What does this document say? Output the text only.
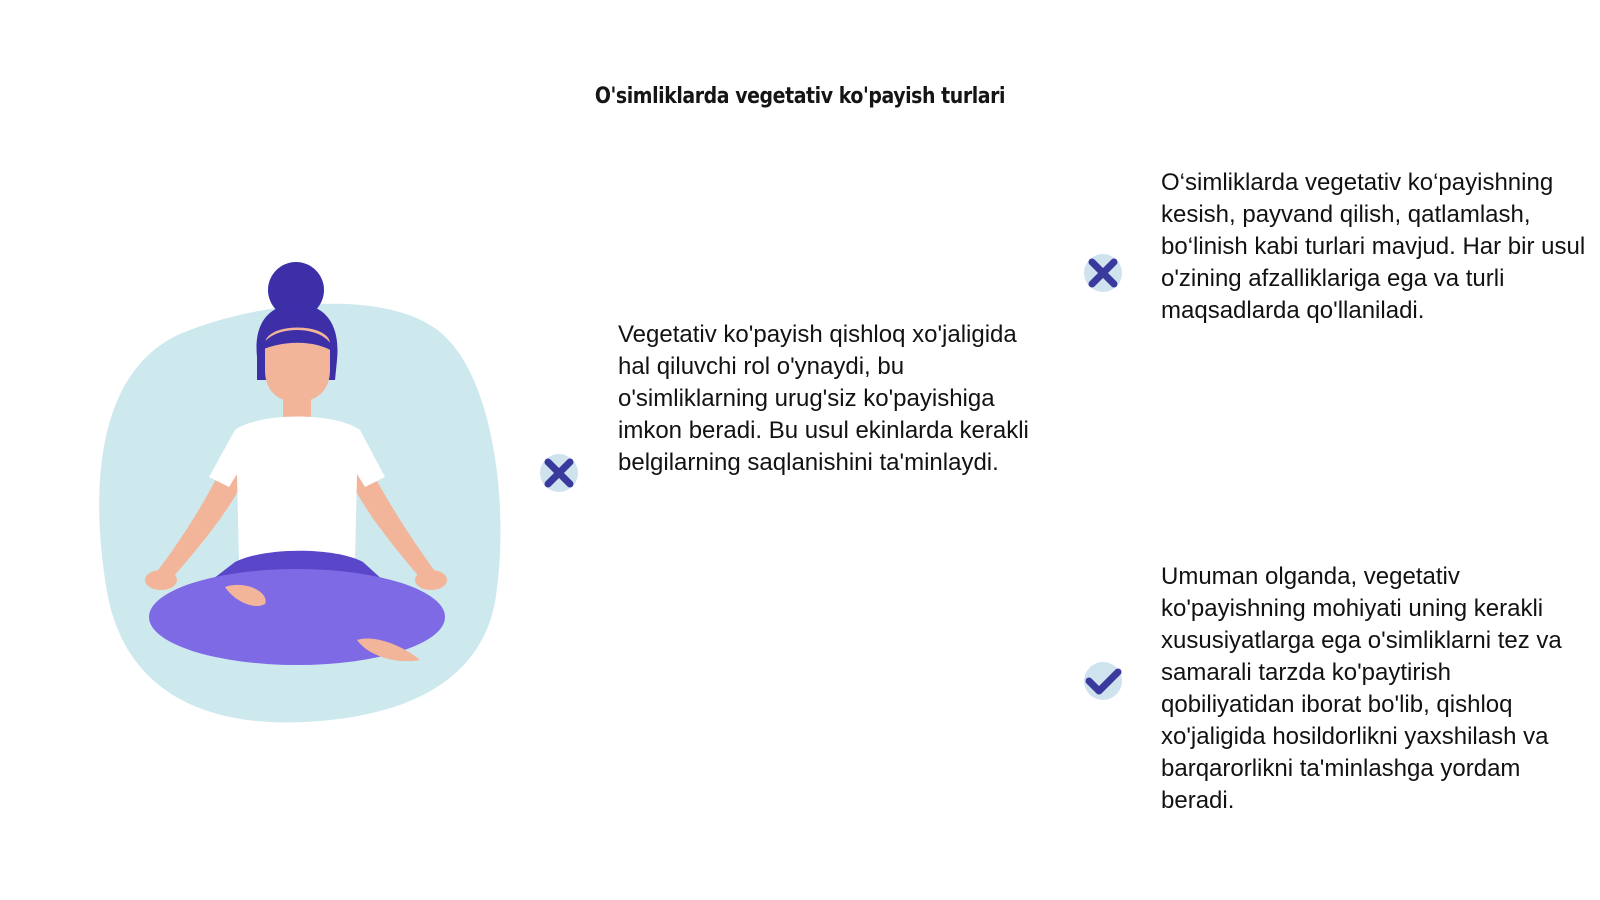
O'simliklarda vegetativ ko'payish turlari
Vegetativ ko'payish qishloq xo'jaligida hal qiluvchi rol o'ynaydi, bu o'simliklarning urug'siz ko'payishiga imkon beradi. Bu usul ekinlarda kerakli belgilarning saqlanishini ta'minlaydi.
O‘simliklarda vegetativ ko‘payishning kesish, payvand qilish, qatlamlash, bo‘linish kabi turlari mavjud. Har bir usul o'zining afzalliklariga ega va turli maqsadlarda qo'llaniladi.
Umuman olganda, vegetativ ko'payishning mohiyati uning kerakli xususiyatlarga ega o'simliklarni tez va samarali tarzda ko'paytirish qobiliyatidan iborat bo'lib, qishloq xo'jaligida hosildorlikni yaxshilash va barqarorlikni ta'minlashga yordam beradi.
